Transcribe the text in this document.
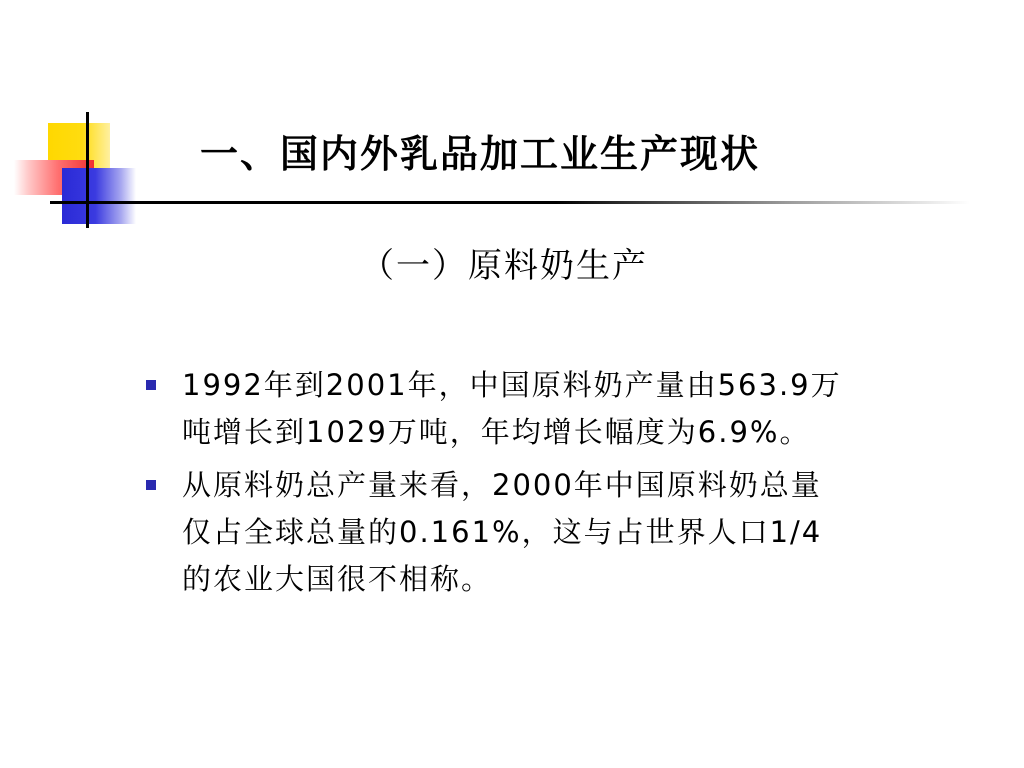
一、国内外乳品加工业生产现状
（一）原料奶生产
1992年到2001年，中国原料奶产量由563.9万
吨增长到1029万吨，年均增长幅度为6.9%。
从原料奶总产量来看，2000年中国原料奶总量
仅占全球总量的0.161%，这与占世界人口1/4
的农业大国很不相称。
